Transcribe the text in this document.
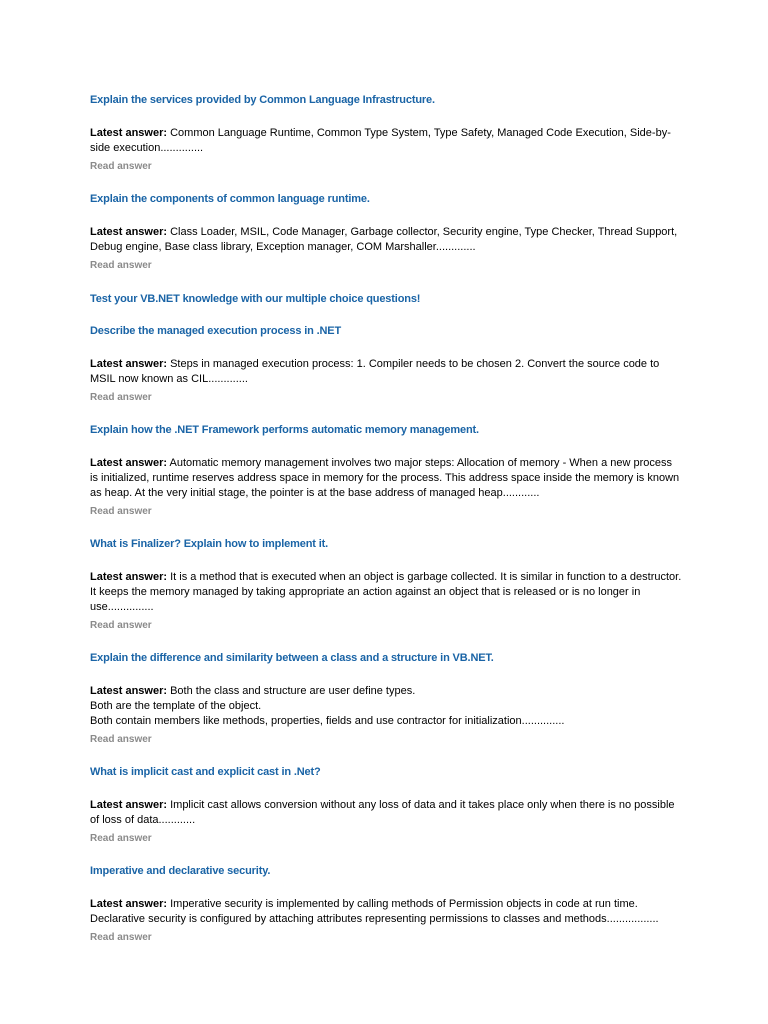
Explain the services provided by Common Language Infrastructure.

Latest answer: Common Language Runtime, Common Type System, Type Safety, Managed Code Execution, Side-by-side execution..............

Read answer
Explain the components of common language runtime.

Latest answer: Class Loader, MSIL, Code Manager, Garbage collector, Security engine, Type Checker, Thread Support, Debug engine, Base class library, Exception manager, COM Marshaller.............

Read answer
Test your VB.NET knowledge with our multiple choice questions!
Describe the managed execution process in .NET

Latest answer: Steps in managed execution process: 1. Compiler needs to be chosen 2. Convert the source code to MSIL now known as CIL.............

Read answer
Explain how the .NET Framework performs automatic memory management.

Latest answer: Automatic memory management involves two major steps: Allocation of memory - When a new process is initialized, runtime reserves address space in memory for the process. This address space inside the memory is known as heap. At the very initial stage, the pointer is at the base address of managed heap............

Read answer
What is Finalizer? Explain how to implement it.

Latest answer: It is a method that is executed when an object is garbage collected. It is similar in function to a destructor. It keeps the memory managed by taking appropriate an action against an object that is released or is no longer in use...............

Read answer
Explain the difference and similarity between a class and a structure in VB.NET.

Latest answer: Both the class and structure are user define types.
Both are the template of the object.
Both contain members like methods, properties, fields and use contractor for initialization..............

Read answer
What is implicit cast and explicit cast in .Net?

Latest answer: Implicit cast allows conversion without any loss of data and it takes place only when there is no possible of loss of data............

Read answer
Imperative and declarative security.

Latest answer: Imperative security is implemented by calling methods of Permission objects in code at run time.
Declarative security is configured by attaching attributes representing permissions to classes and methods.................

Read answer
